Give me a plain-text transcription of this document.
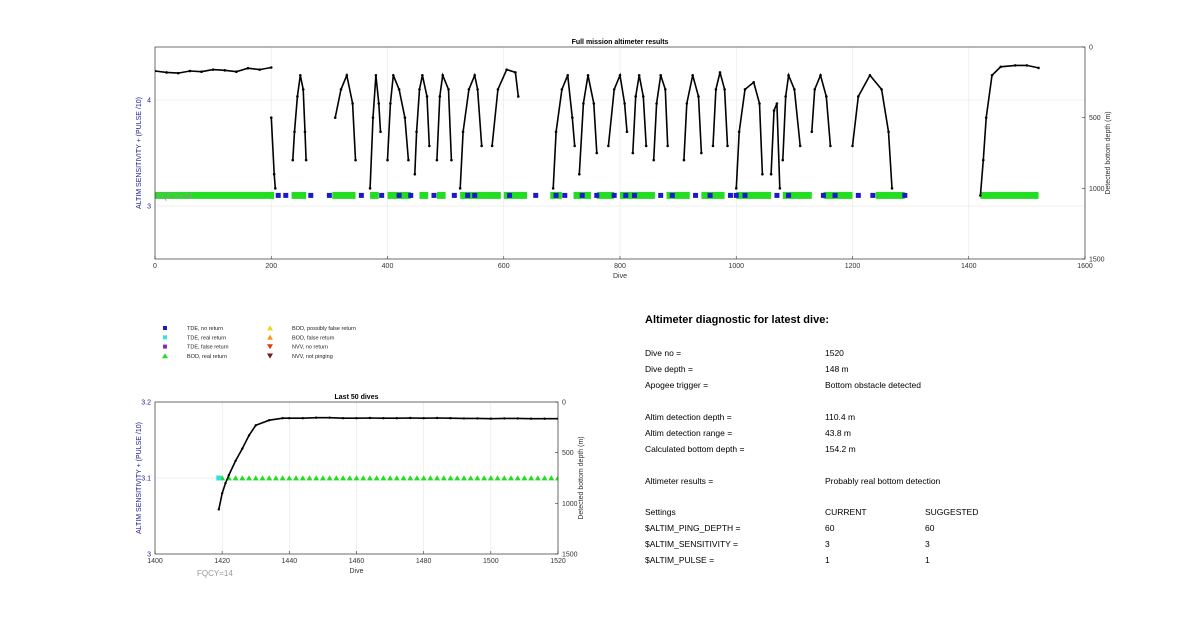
0	200	400	600	800	1000	1200	1400	1600
4
3
0
500
1000
1500
Full mission altimeter results
Dive
ALTIM SENSITIVITY + (PULSE /10)	Detected bottom depth (m)
FQCY=14
1400	1420	1440	1460	1480	1500	1520
3.2
3.1
3
0
500
1000
1500
Last 50 dives
Dive
ALTIM SENSITIVITY + (PULSE /10)	Detected bottom depth (m)
FQCY=14
TDE, no return
TDE, real return
TDE, false return
BOD, real return
BOD, possibly false return
BOD, false return
NVV, no return
NVV, not pinging
Altimeter diagnostic for latest dive:
Dive no =	1520
Dive depth =	148 m
Apogee trigger =	Bottom obstacle detected
Altim detection depth =	110.4 m
Altim detection range =	43.8 m
Calculated bottom depth =	154.2 m
Altimeter results =	Probably real bottom detection
Settings	CURRENT	SUGGESTED
$ALTIM_PING_DEPTH =	60	60
$ALTIM_SENSITIVITY =	3	3
$ALTIM_PULSE =	1	1
